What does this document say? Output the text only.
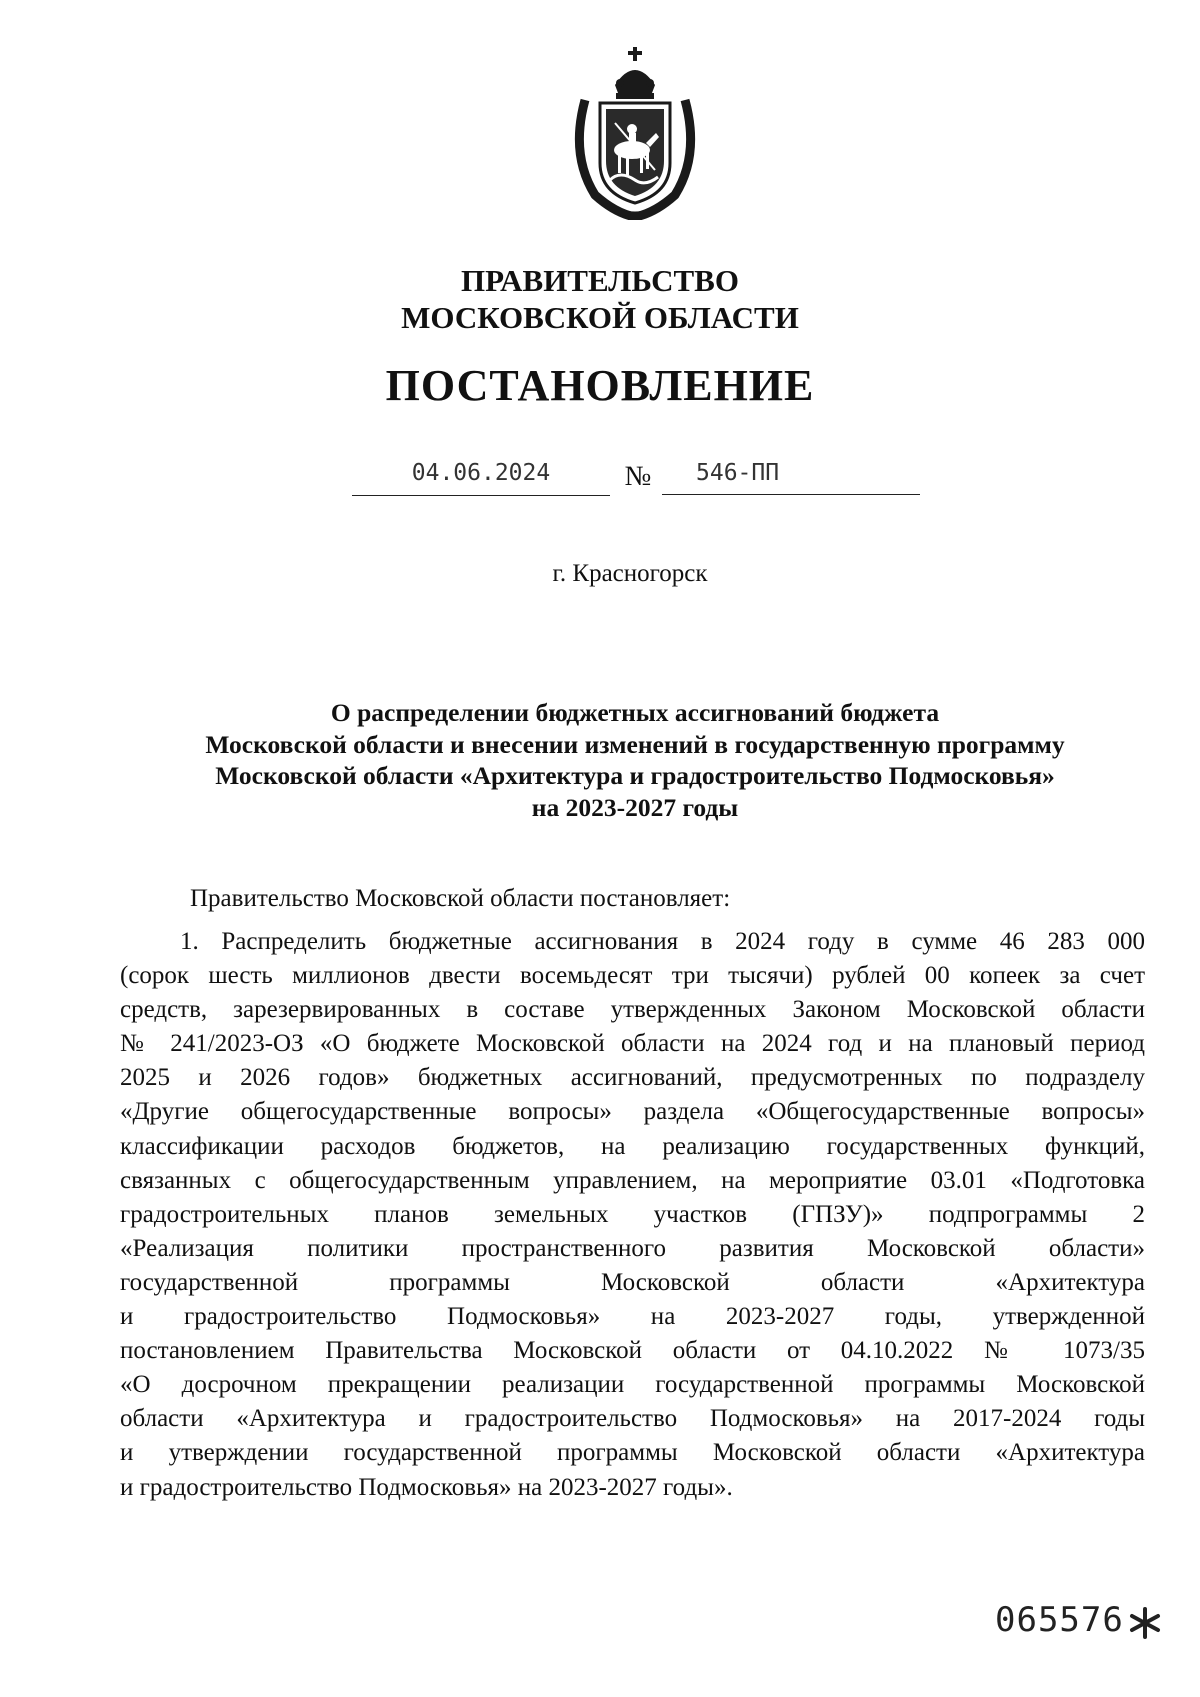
ПРАВИТЕЛЬСТВО
МОСКОВСКОЙ ОБЛАСТИ

ПОСТАНОВЛЕНИЕ

04.06.2024	№	546-ПП

г. Красногорск

О распределении бюджетных ассигнований бюджета
Московской области и внесении изменений в государственную программу
Московской области «Архитектура и градостроительство Подмосковья»
на 2023-2027 годы

Правительство Московской области постановляет:

1. Распределить бюджетные ассигнования в 2024 году в сумме 46 283 000
(сорок шесть миллионов двести восемьдесят три тысячи) рублей 00 копеек за счет
средств, зарезервированных в составе утвержденных Законом Московской области
№ 241/2023-ОЗ «О бюджете Московской области на 2024 год и на плановый период
2025 и 2026 годов» бюджетных ассигнований, предусмотренных по подразделу
«Другие общегосударственные вопросы» раздела «Общегосударственные вопросы»
классификации расходов бюджетов, на реализацию государственных функций,
связанных с общегосударственным управлением, на мероприятие 03.01 «Подготовка
градостроительных планов земельных участков (ГПЗУ)» подпрограммы 2
«Реализация политики пространственного развития Московской области»
государственной программы Московской области «Архитектура
и градостроительство Подмосковья» на 2023-2027 годы, утвержденной
постановлением Правительства Московской области от 04.10.2022 № 1073/35
«О досрочном прекращении реализации государственной программы Московской
области «Архитектура и градостроительство Подмосковья» на 2017-2024 годы
и утверждении государственной программы Московской области «Архитектура
и градостроительство Подмосковья» на 2023-2027 годы».
065576
